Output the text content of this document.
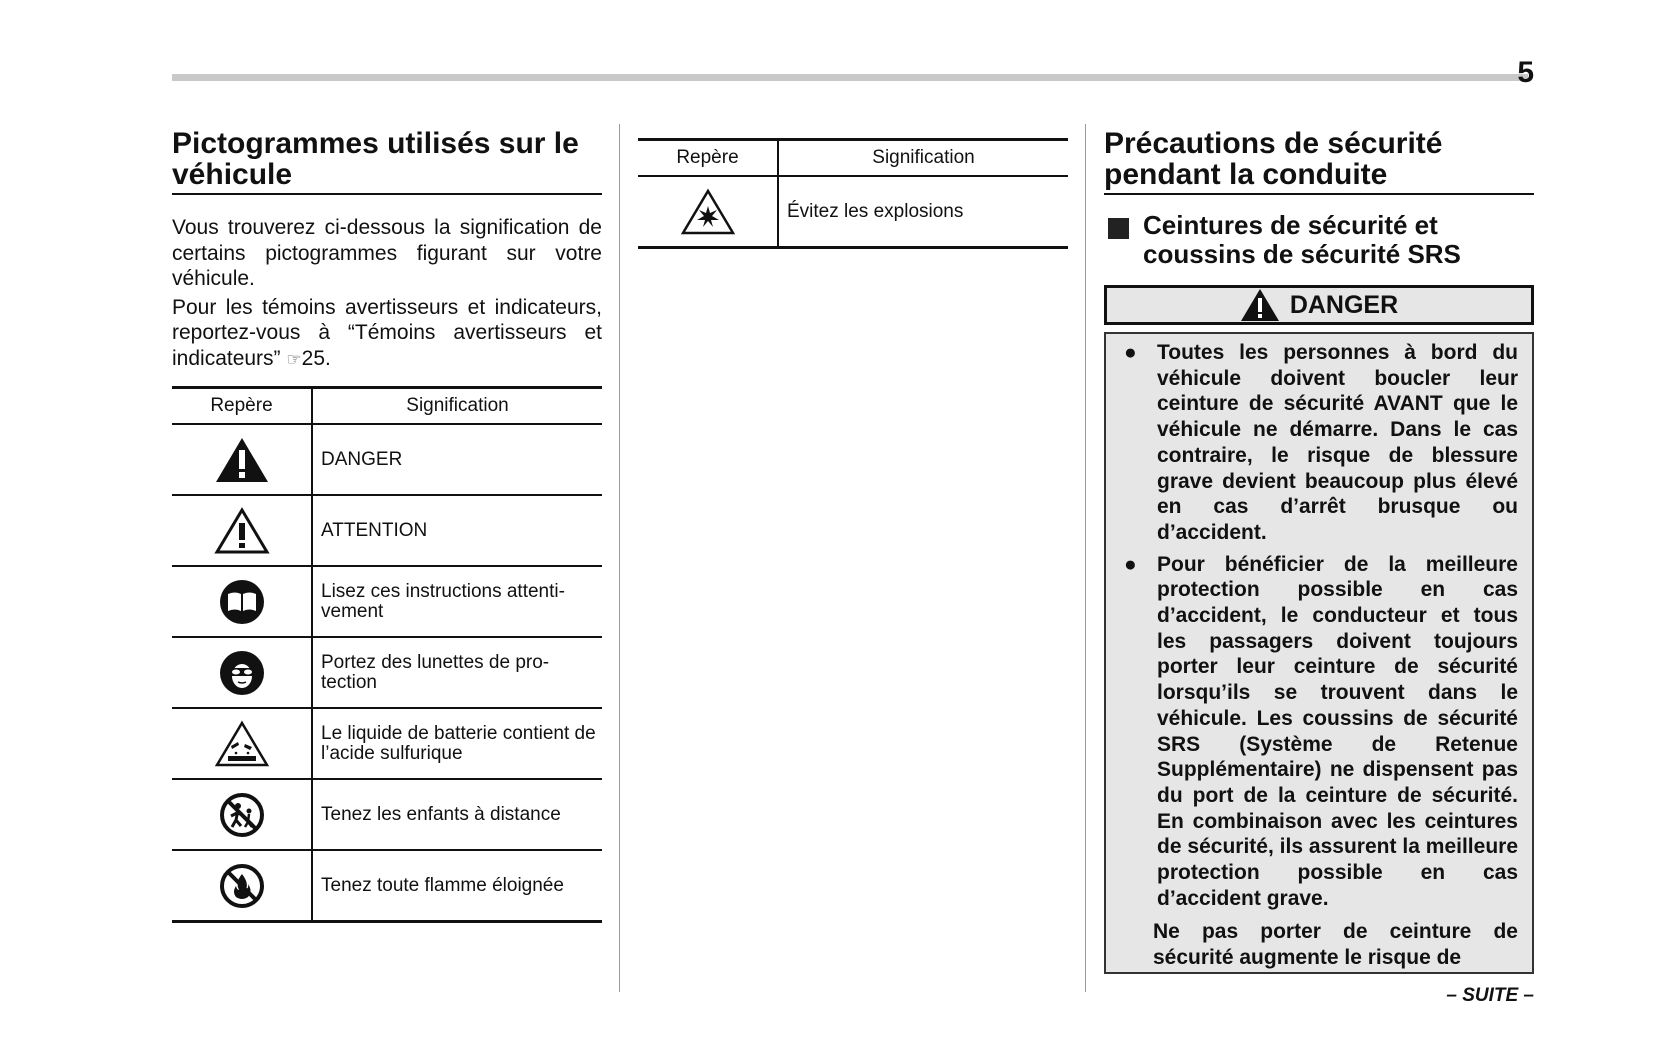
5
Pictogrammes utilisés sur le véhicule

Vous trouverez ci-dessous la signification de certains pictogrammes figurant sur votre véhicule.

Pour les témoins avertisseurs et indicateurs, reportez-vous à “Témoins avertisseurs et indicateurs” ☞25.

Repère	Signification

	DANGER

	ATTENTION

	Lisez ces instructions attenti-vement

	Portez des lunettes de pro-tection

	Le liquide de batterie contient de l’acide sulfurique

	Tenez les enfants à distance

	Tenez toute flamme éloignée
Repère	Signification

	Évitez les explosions
Précautions de sécurité pendant la conduite
Ceintures de sécurité et coussins de sécurité SRS
DANGER
● Toutes les personnes à bord du véhicule doivent boucler leur ceinture de sécurité AVANT que le véhicule ne démarre. Dans le cas contraire, le risque de blessure grave devient beaucoup plus élevé en cas d’arrêt brusque ou d’accident.
● Pour bénéficier de la meilleure protection possible en cas d’accident, le conducteur et tous les passagers doivent toujours porter leur ceinture de sécurité lorsqu’ils se trouvent dans le véhicule. Les coussins de sécurité SRS (Système de Retenue Supplémentaire) ne dispensent pas du port de la ceinture de sécurité. En combinaison avec les ceintures de sécurité, ils assurent la meilleure protection possible en cas d’accident grave.
Ne pas porter de ceinture de sécurité augmente le risque de
– SUITE –
